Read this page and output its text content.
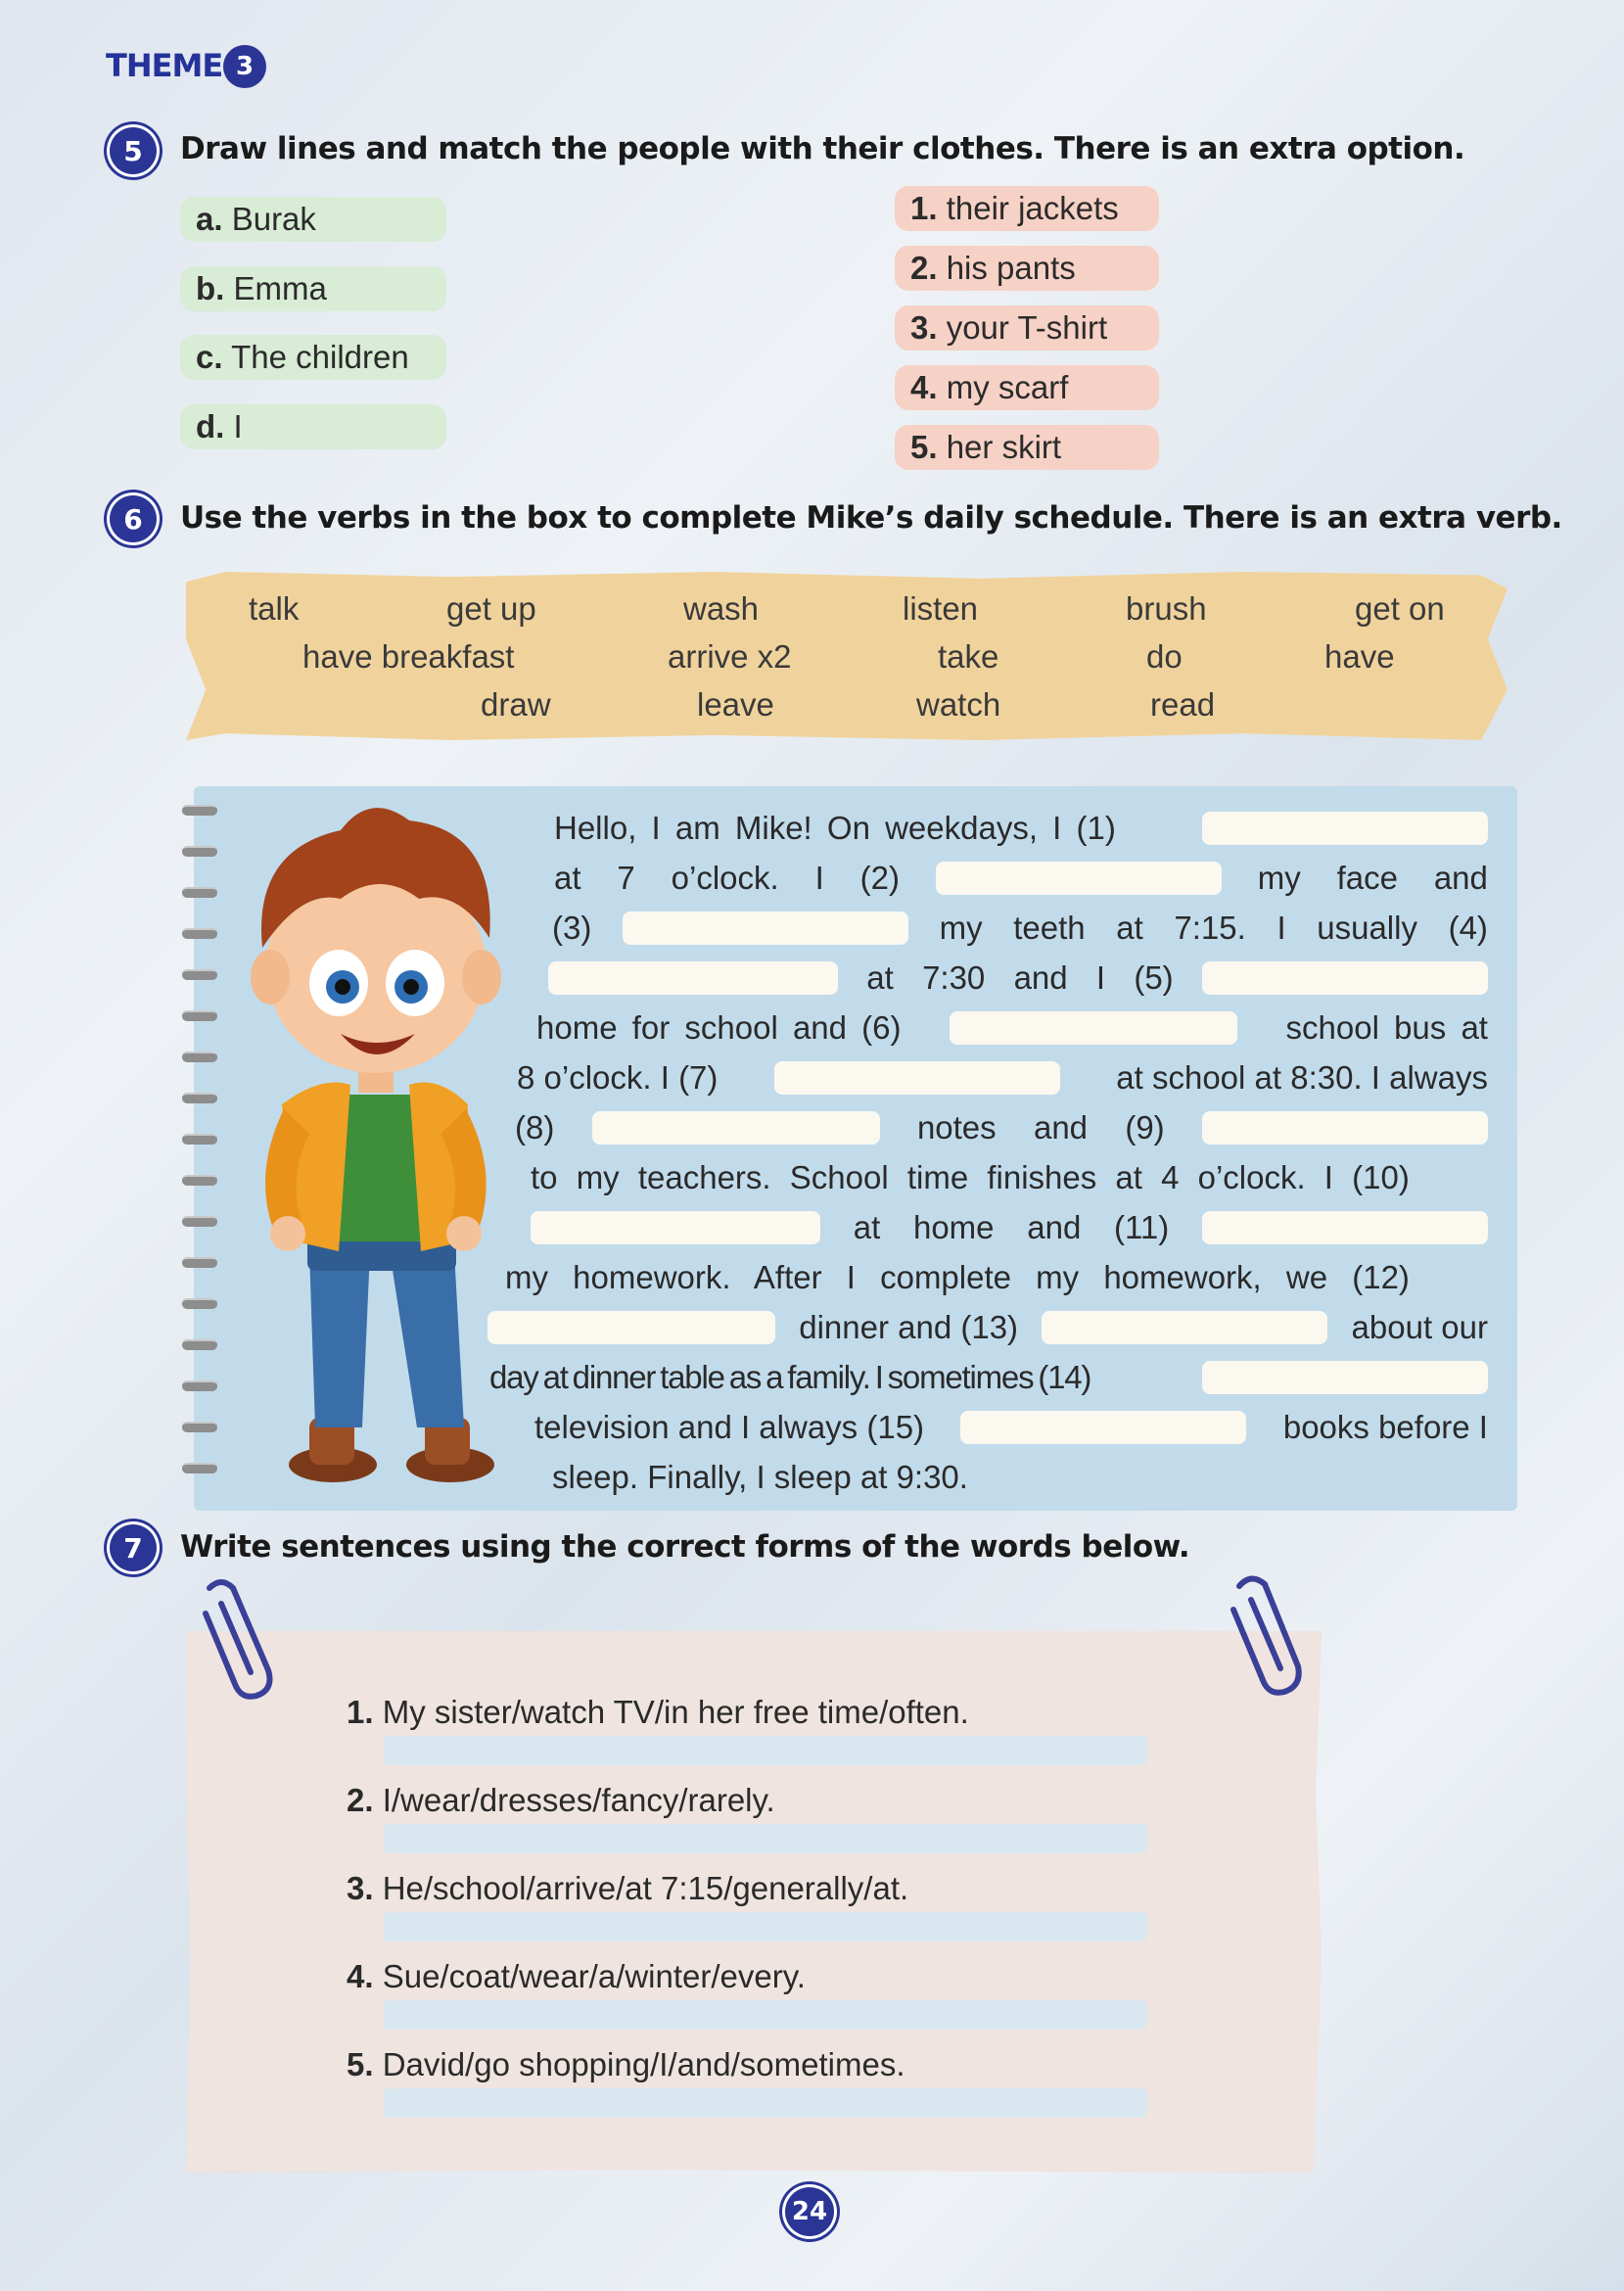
THEME 3
5	Draw lines and match the people with their clothes. There is an extra option.
a. Burak
b. Emma
c. The children
d. I
1. their jackets
2. his pants
3. your T-shirt
4. my scarf
5. her skirt
6	Use the verbs in the box to complete Mike’s daily schedule. There is an extra verb.
talk	get up	wash	listen	brush	get on
have breakfast	arrive x2	take	do	have
draw	leave	watch	read
Hello, I am Mike! On weekdays, I (1)
at 7 o’clock. I (2)	my face and
(3)	my teeth at 7:15. I usually (4)
at 7:30 and I (5)
home for school and (6)	school bus at
8 o’clock. I (7)	at school at 8:30. I always
(8)	notes and (9)
to my teachers. School time finishes at 4 o’clock. I (10)
at home and (11)
my homework. After I complete my homework, we (12)
dinner and (13)	about our
day at dinner table as a family. I sometimes (14)
television and I always (15)	books before I
sleep. Finally, I sleep at 9:30.
7	Write sentences using the correct forms of the words below.
1. My sister/watch TV/in her free time/often.
2. I/wear/dresses/fancy/rarely.
3. He/school/arrive/at 7:15/generally/at.
4. Sue/coat/wear/a/winter/every.
5. David/go shopping/I/and/sometimes.
24
